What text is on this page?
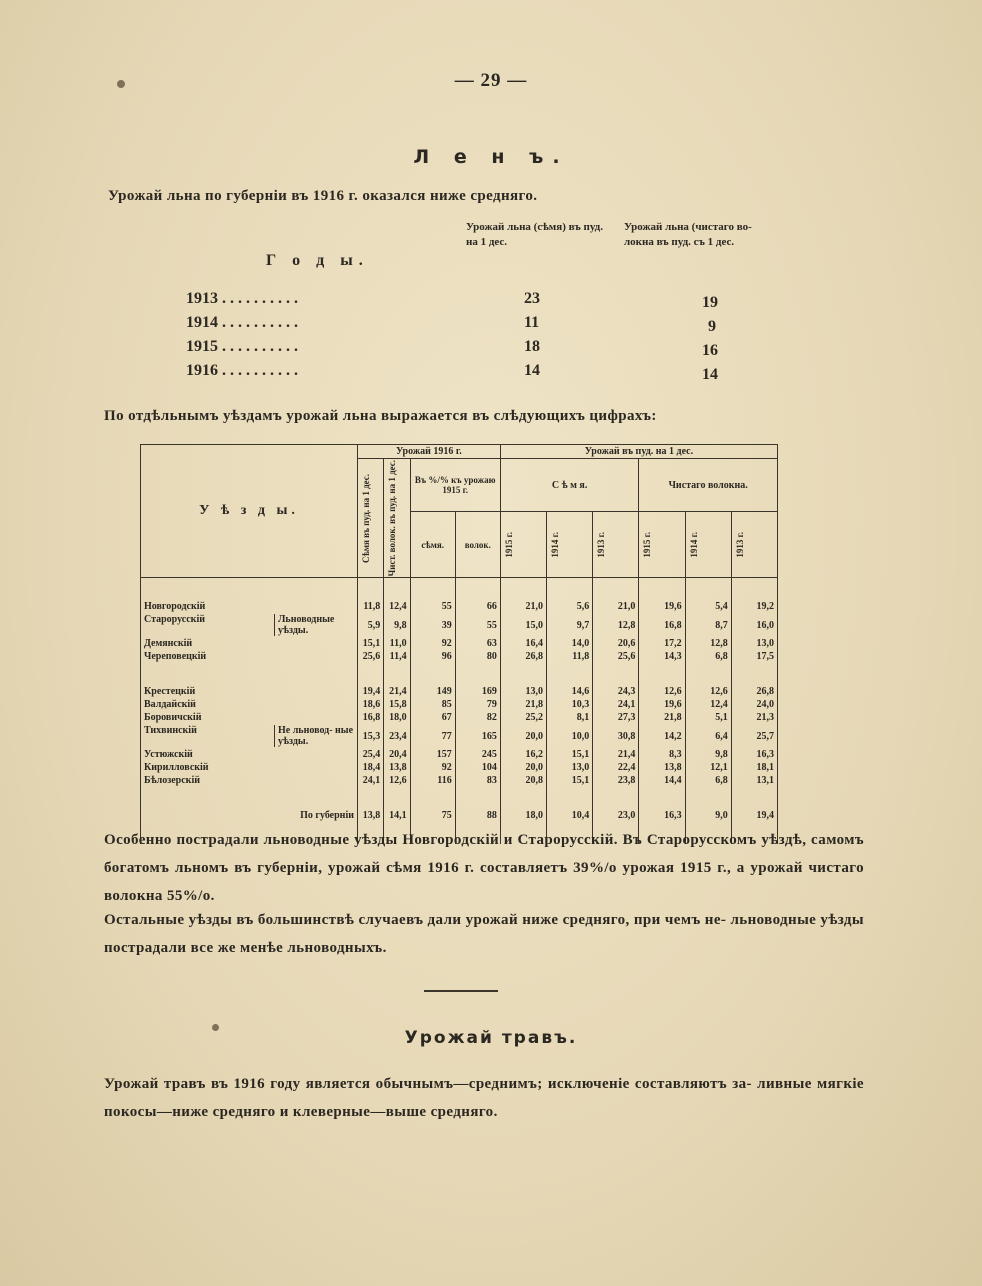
— 29 —
Л е н ъ.
Урожай льна по губерніи въ 1916 г. оказался ниже средняго.
Урожай льна (сѣмя) въ пуд. на 1 дес.
Урожай льна (чистаго во- локна въ пуд. съ 1 дес.
Г о д ы.
1913 . . . . . . . . . .	23	19
1914 . . . . . . . . . .	11	9
1915 . . . . . . . . . .	18	16
1916 . . . . . . . . . .	14	14
По отдѣльнымъ уѣздамъ урожай льна выражается въ слѣдующихъ цифрахъ:
У ѣ з д ы.	Урожай 1916 г.				Урожай въ пуд. на 1 дес.					

	Сѣмя въ пуд. на 1 дес.	Чист. волок. въ пуд. на 1 дес.	Въ %/% къ урожаю 1915 г.		С ѣ м я.			Чистаго волокна.		
			сѣмя.	волок.	1915 г.	1914 г.	1913 г.	1915 г.	1914 г.	1913 г.

Новгородскій	11,8	12,4	55	66	21,0	5,6	21,0	19,6	5,4	19,2
Старорусскій Льноводные уѣзды.	5,9	9,8	39	55	15,0	9,7	12,8	16,8	8,7	16,0
Демянскій	15,1	11,0	92	63	16,4	14,0	20,6	17,2	12,8	13,0
Череповецкій	25,6	11,4	96	80	26,8	11,8	25,6	14,3	6,8	17,5

Крестецкій	19,4	21,4	149	169	13,0	14,6	24,3	12,6	12,6	26,8
Валдайскій	18,6	15,8	85	79	21,8	10,3	24,1	19,6	12,4	24,0
Боровичскій	16,8	18,0	67	82	25,2	8,1	27,3	21,8	5,1	21,3
Тихвинскій Не льновод- ные уѣзды.	15,3	23,4	77	165	20,0	10,0	30,8	14,2	6,4	25,7
Устюжскій	25,4	20,4	157	245	16,2	15,1	21,4	8,3	9,8	16,3
Кирилловскій	18,4	13,8	92	104	20,0	13,0	22,4	13,8	12,1	18,1
Бѣлозерскій	24,1	12,6	116	83	20,8	15,1	23,8	14,4	6,8	13,1

По губерніи	13,8	14,1	75	88	18,0	10,4	23,0	16,3	9,0	19,4

Особенно пострадали льноводные уѣзды Новгородскій и Старорусскій. Въ Старорусскомъ уѣздѣ, самомъ богатомъ льномъ въ губерніи, урожай сѣмя 1916 г. составляетъ 39%/о урожая 1915 г., а урожай чистаго волокна 55%/о.
Остальные уѣзды въ большинствѣ случаевъ дали урожай ниже средняго, при чемъ не- льноводные уѣзды пострадали все же менѣе льноводныхъ.
Урожай травъ.
Урожай травъ въ 1916 году является обычнымъ—среднимъ; исключеніе составляютъ за- ливные мягкіе покосы—ниже средняго и клеверные—выше средняго.
